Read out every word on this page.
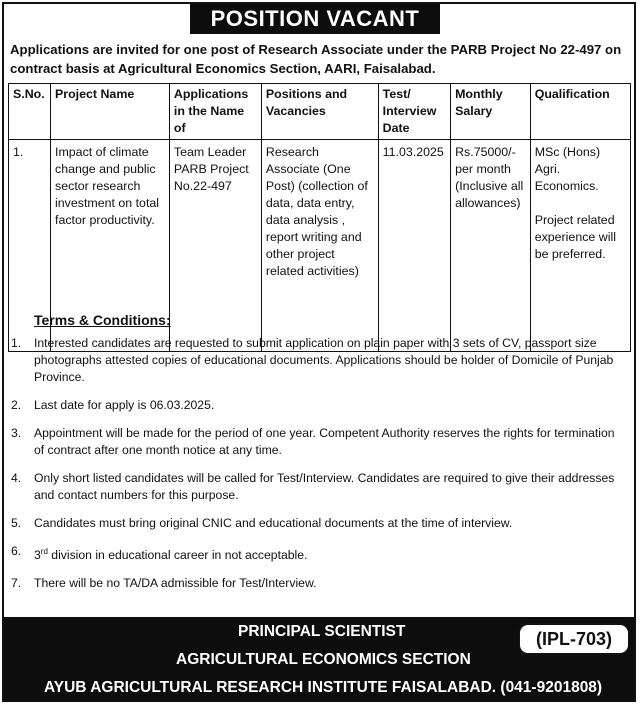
POSITION VACANT
Applications are invited for one post of Research Associate under the PARB Project No 22-497 on contract basis at Agricultural Economics Section, AARI, Faisalabad.
S.No.	Project Name	Applications in the Name of	Positions and Vacancies	Test/ Interview Date	Monthly Salary	Qualification
1.	Impact of climate change and public sector research investment on total factor productivity.	Team Leader PARB Project No.22-497	Research Associate (One Post) (collection of data, data entry, data analysis , report writing and other project related activities)	11.03.2025	Rs.75000/- per month (Inclusive all allowances)	MSc (Hons) Agri. Economics.
Project related experience will be preferred.
Terms & Conditions:
1. Interested candidates are requested to submit application on plain paper with 3 sets of CV, passport size photographs attested copies of educational documents. Applications should be holder of Domicile of Punjab Province.
2. Last date for apply is 06.03.2025.
3. Appointment will be made for the period of one year. Competent Authority reserves the rights for termination of contract after one month notice at any time.
4. Only short listed candidates will be called for Test/Interview. Candidates are required to give their addresses and contact numbers for this purpose.
5. Candidates must bring original CNIC and educational documents at the time of interview.
6. 3rd division in educational career in not acceptable.
7. There will be no TA/DA admissible for Test/Interview.
PRINCIPAL SCIENTIST
AGRICULTURAL ECONOMICS SECTION
AYUB AGRICULTURAL RESEARCH INSTITUTE FAISALABAD. (041-9201808)
(IPL-703)
